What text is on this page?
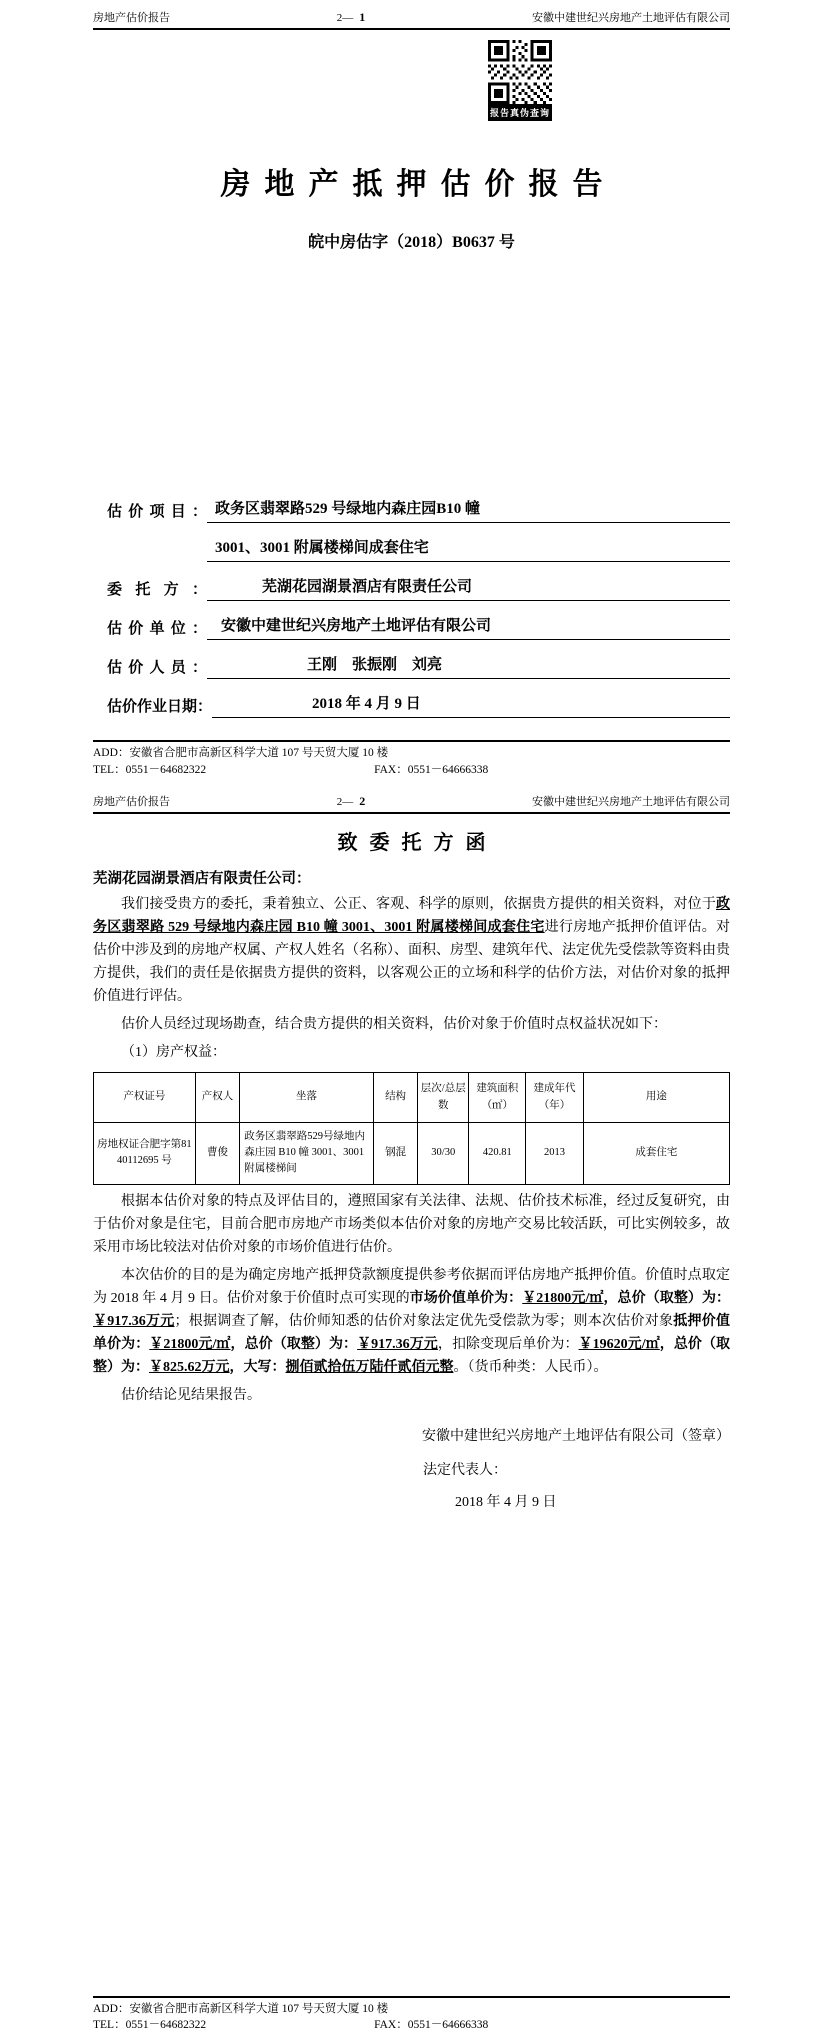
房地产估价报告	2— 1	安徽中建世纪兴房地产土地评估有限公司
报告真伪查询
房地产抵押估价报告
皖中房估字（2018）B0637 号
估价项目： 政务区翡翠路529 号绿地内森庄园B10 幢
3001、3001 附属楼梯间成套住宅
委托方：	芜湖花园湖景酒店有限责任公司
估价单位： 安徽中建世纪兴房地产土地评估有限公司
估价人员：	王刚    张振刚    刘亮
估价作业日期：	2018 年 4 月 9 日
ADD：安徽省合肥市高新区科学大道 107 号天贸大厦 10 楼
TEL：0551－64682322	FAX：0551－64666338
房地产估价报告	2— 2	安徽中建世纪兴房地产土地评估有限公司
致委托方函

芜湖花园湖景酒店有限责任公司：

我们接受贵方的委托，秉着独立、公正、客观、科学的原则，依据贵方提供的相关资料，对位于政务区翡翠路 529 号绿地内森庄园 B10 幢 3001、3001 附属楼梯间成套住宅进行房地产抵押价值评估。对估价中涉及到的房地产权属、产权人姓名（名称）、面积、房型、建筑年代、法定优先受偿款等资料由贵方提供，我们的责任是依据贵方提供的资料，以客观公正的立场和科学的估价方法，对估价对象的抵押价值进行评估。

估价人员经过现场勘查，结合贵方提供的相关资料，估价对象于价值时点权益状况如下：

（1）房产权益：

产权证号	产权人	坐落	结构	层次/总层数	建筑面积（㎡）	建成年代（年）	用途
房地权证合肥字第8140112695 号	曹俊	政务区翡翠路529号绿地内森庄园 B10 幢 3001、3001附属楼梯间	钢混	30/30	420.81	2013	成套住宅

根据本估价对象的特点及评估目的，遵照国家有关法律、法规、估价技术标准，经过反复研究，由于估价对象是住宅，目前合肥市房地产市场类似本估价对象的房地产交易比较活跃，可比实例较多，故采用市场比较法对估价对象的市场价值进行估价。

本次估价的目的是为确定房地产抵押贷款额度提供参考依据而评估房地产抵押价值。价值时点取定为 2018 年 4 月 9 日。估价对象于价值时点可实现的市场价值单价为：￥21800元/㎡，总价（取整）为：￥917.36万元；根据调查了解，估价师知悉的估价对象法定优先受偿款为零；则本次估价对象抵押价值单价为：￥21800元/㎡，总价（取整）为：￥917.36万元，扣除变现后单价为：￥19620元/㎡，总价（取整）为：￥825.62万元，大写：捌佰贰拾伍万陆仟贰佰元整。（货币种类：人民币）。

估价结论见结果报告。

安徽中建世纪兴房地产土地评估有限公司（签章）
法定代表人：
2018 年 4 月 9 日
ADD：安徽省合肥市高新区科学大道 107 号天贸大厦 10 楼
TEL：0551－64682322	FAX：0551－64666338
